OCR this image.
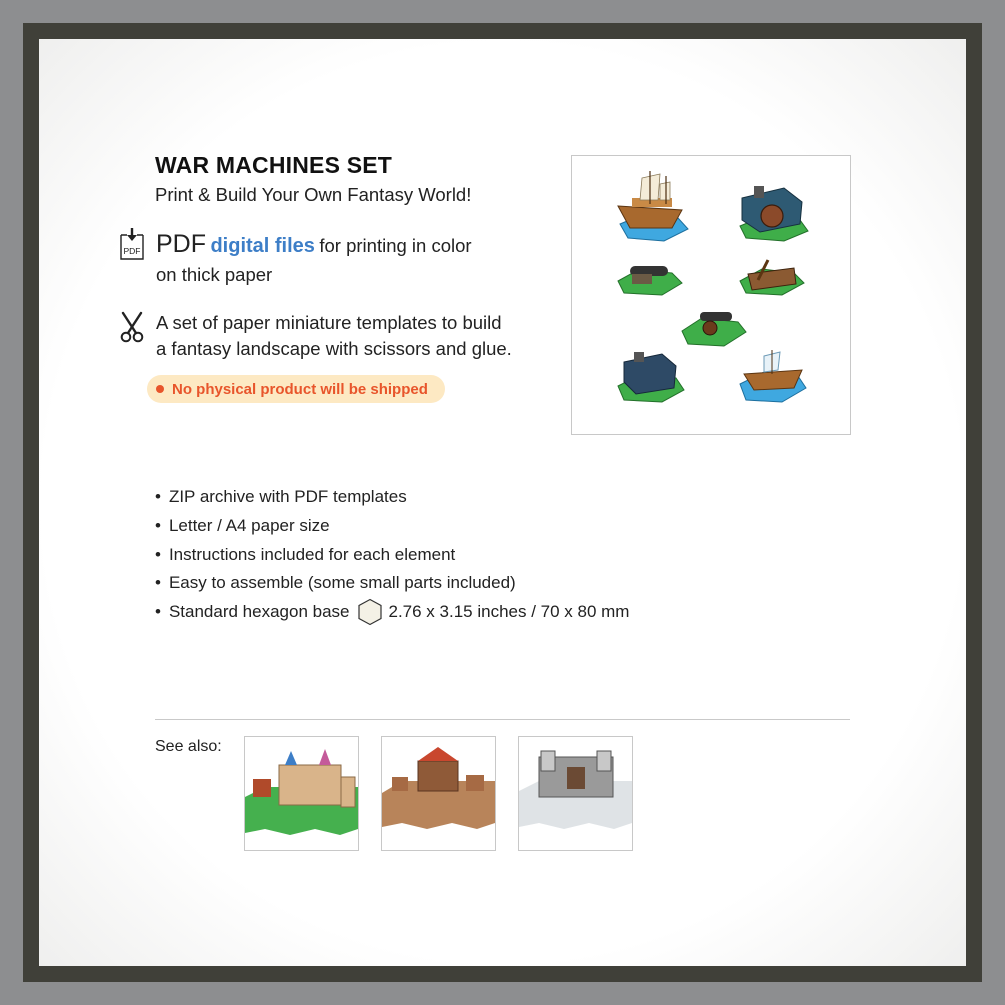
WAR MACHINES SET
Print & Build Your Own Fantasy World!
PDF PDF digital files for printing in color
on thick paper
A set of paper miniature templates to build
a fantasy landscape with scissors and glue.
No physical product will be shipped
• ZIP archive with PDF templates
• Letter / A4 paper size
• Instructions included for each element
• Easy to assemble (some small parts included)
• Standard hexagon base 2.76 x 3.15 inches / 70 x 80 mm
See also:
